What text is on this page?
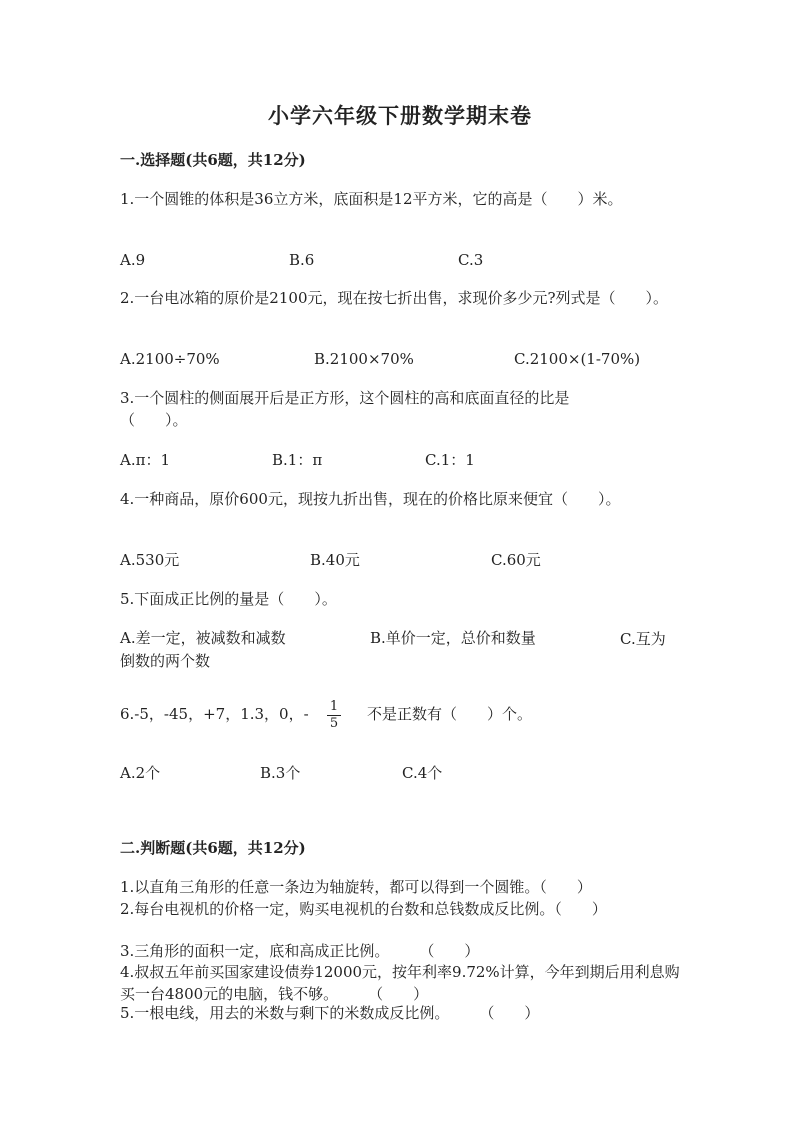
小学六年级下册数学期末卷
一.选择题(共6题，共12分)
1.一个圆锥的体积是36立方米，底面积是12平方米，它的高是（　　）米。
A.9	B.6	C.3
2.一台电冰箱的原价是2100元，现在按七折出售，求现价多少元?列式是（　　）。
A.2100÷70%	B.2100×70%	C.2100×(1-70%)
3.一个圆柱的侧面展开后是正方形，这个圆柱的高和底面直径的比是（　　）。
A.π：1	B.1：π	C.1：1
4.一种商品，原价600元，现按九折出售，现在的价格比原来便宜（　　）。
A.530元	B.40元	C.60元
5.下面成正比例的量是（　　）。
A.差一定，被减数和减数	B.单价一定，总价和数量	C.互为倒数的两个数
6.-5，-45，+7，1.3，0，-	1
5
不是正数有（　　）个。
A.2个	B.3个	C.4个
二.判断题(共6题，共12分)
1.以直角三角形的任意一条边为轴旋转，都可以得到一个圆锥。（　　）
2.每台电视机的价格一定，购买电视机的台数和总钱数成反比例。（　　）
3.三角形的面积一定，底和高成正比例。　　　（　　）
4.叔叔五年前买国家建设债券12000元，按年利率9.72%计算，今年到期后用利息购买一台4800元的电脑，钱不够。　　　（　　）
5.一根电线，用去的米数与剩下的米数成反比例。　　　（　　）
